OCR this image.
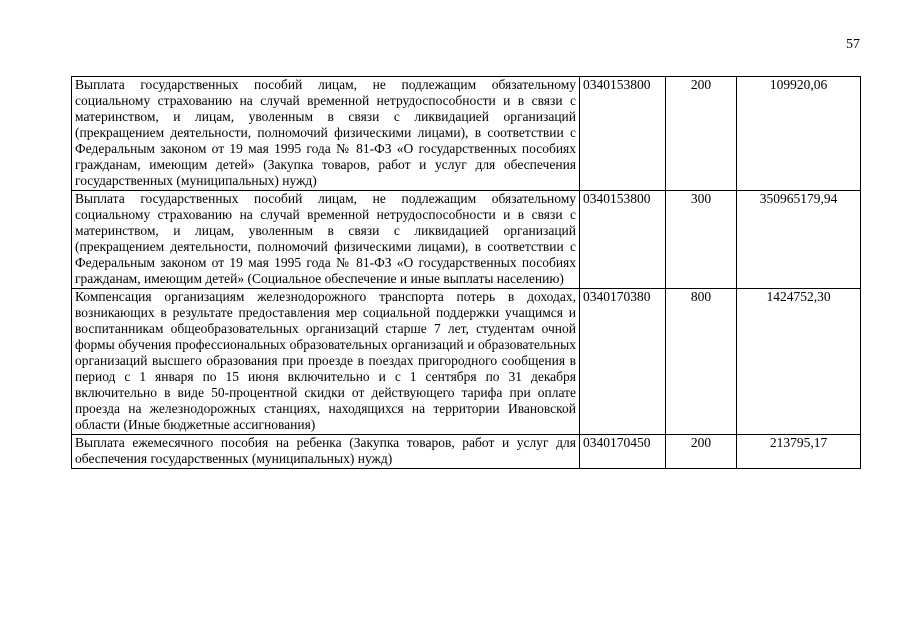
57
Выплата государственных пособий лицам, не подлежащим обязательному социальному страхованию на случай временной нетрудоспособности и в связи с материнством, и лицам, уволенным в связи с ликвидацией организаций (прекращением деятельности, полномочий физическими лицами), в соответствии с Федеральным законом от 19 мая 1995 года № 81-ФЗ «О государственных пособиях гражданам, имеющим детей» (Закупка товаров, работ и услуг для обеспечения государственных (муниципальных) нужд)	0340153800	200	109920,06
Выплата государственных пособий лицам, не подлежащим обязательному социальному страхованию на случай временной нетрудоспособности и в связи с материнством, и лицам, уволенным в связи с ликвидацией организаций (прекращением деятельности, полномочий физическими лицами), в соответствии с Федеральным законом от 19 мая 1995 года № 81-ФЗ «О государственных пособиях гражданам, имеющим детей» (Социальное обеспечение и иные выплаты населению)	0340153800	300	350965179,94
Компенсация организациям железнодорожного транспорта потерь в доходах, возникающих в результате предоставления мер социальной поддержки учащимся и воспитанникам общеобразовательных организаций старше 7 лет, студентам очной формы обучения профессиональных образовательных организаций и образовательных организаций высшего образования при проезде в поездах пригородного сообщения в период с 1 января по 15 июня включительно и с 1 сентября по 31 декабря включительно в виде 50-процентной скидки от действующего тарифа при оплате проезда на железнодорожных станциях, находящихся на территории Ивановской области (Иные бюджетные ассигнования)	0340170380	800	1424752,30
Выплата ежемесячного пособия на ребенка (Закупка товаров, работ и услуг для обеспечения государственных (муниципальных) нужд)	0340170450	200	213795,17
